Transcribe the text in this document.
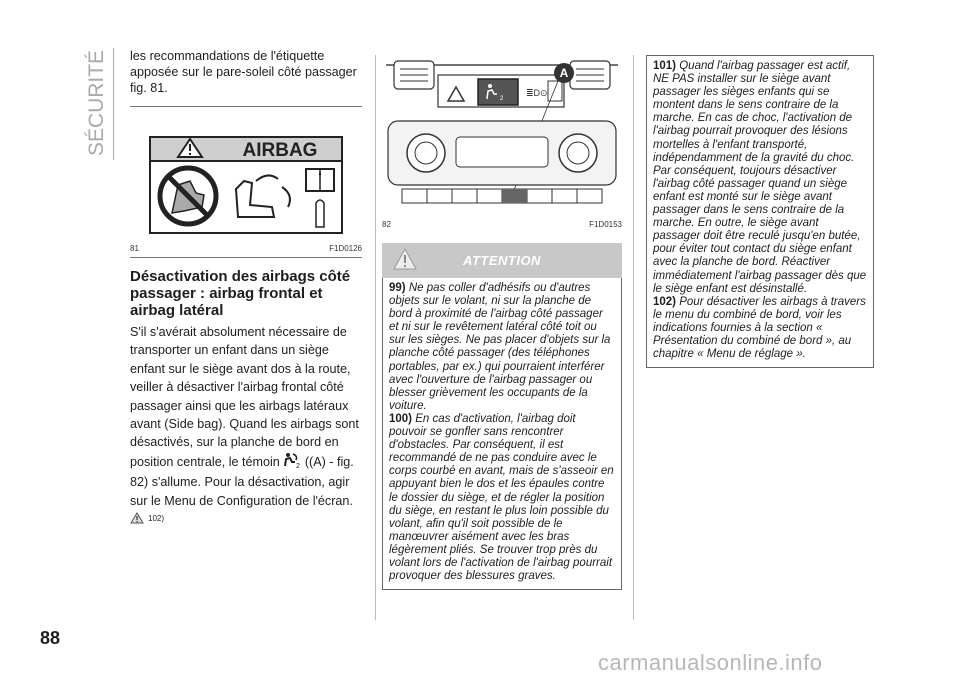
SÉCURITÉ les recommandations de l'étiquette apposée sur le pare-soleil côté passager fig. 81.

AIRBAG
81	F1D0126
Désactivation des airbags côté passager : airbag frontal et airbag latéral

S'il s'avérait absolument nécessaire de transporter un enfant dans un siège enfant sur le siège avant dos à la route, veiller à désactiver l'airbag frontal côté passager ainsi que les airbags latéraux avant (Side bag). Quand les airbags sont désactivés, sur la planche de bord en position centrale, le témoin 2 ((A) - fig. 82) s'allume. Pour la désactivation, agir sur le Menu de Configuration de l'écran.

102)
2
≣D⊙
A
82	F1D0153
ATTENTION

99) Ne pas coller d'adhésifs ou d'autres objets sur le volant, ni sur la planche de bord à proximité de l'airbag côté passager et ni sur le revêtement latéral côté toit ou sur les sièges. Ne pas placer d'objets sur la planche côté passager (des téléphones portables, par ex.) qui pourraient interférer avec l'ouverture de l'airbag passager ou blesser grièvement les occupants de la voiture.

100) En cas d'activation, l'airbag doit pouvoir se gonfler sans rencontrer d'obstacles. Par conséquent, il est recommandé de ne pas conduire avec le corps courbé en avant, mais de s'asseoir en appuyant bien le dos et les épaules contre le dossier du siège, et de régler la position du siège, en restant le plus loin possible du volant, afin qu'il soit possible de le manœuvrer aisément avec les bras légèrement pliés. Se trouver trop près du volant lors de l'activation de l'airbag pourrait provoquer des blessures graves.

101) Quand l'airbag passager est actif, NE PAS installer sur le siège avant passager les sièges enfants qui se montent dans le sens contraire de la marche. En cas de choc, l'activation de l'airbag pourrait provoquer des lésions mortelles à l'enfant transporté, indépendamment de la gravité du choc. Par conséquent, toujours désactiver l'airbag côté passager quand un siège enfant est monté sur le siège avant passager dans le sens contraire de la marche. En outre, le siège avant passager doit être reculé jusqu'en butée, pour éviter tout contact du siège enfant avec la planche de bord. Réactiver immédiatement l'airbag passager dès que le siège enfant est désinstallé.

102) Pour désactiver les airbags à travers le menu du combiné de bord, voir les indications fournies à la section « Présentation du combiné de bord », au chapitre « Menu de réglage ».

88
carmanualsonline.info
